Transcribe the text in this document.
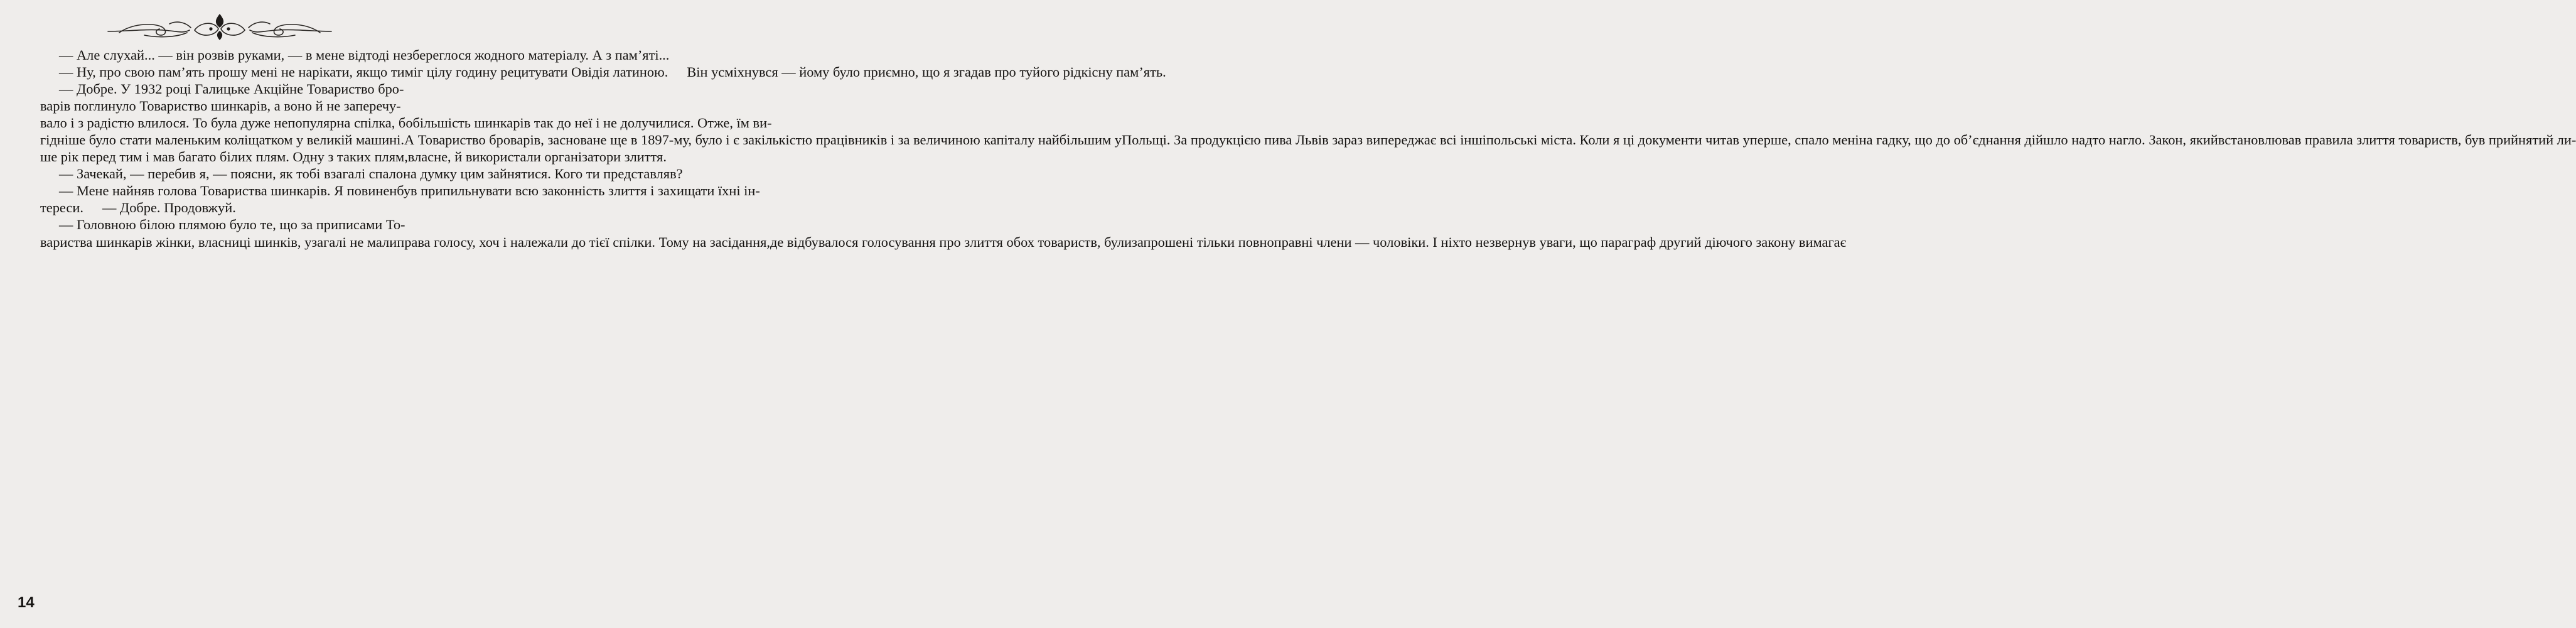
— Але слухай... — він розвів руками, — в мене відтоді незбереглося жодного матеріалу. А з пам’яті...— Ну, про свою пам’ять прошу мені не нарікати, якщо тиміг цілу годину рецитувати Овідія латиною. Він усміхнувся — йому було приємно, що я згадав про туйого рідкісну пам’ять.— Добре. У 1932 році Галицьке Акційне Товариство бро-варів поглинуло Товариство шинкарів, а воно й не заперечу-вало і з радістю влилося. То була дуже непопулярна спілка, бобільшість шинкарів так до неї і не долучилися. Отже, їм ви-гідніше було стати маленьким коліщатком у великій машині.А Товариство броварів, засноване ще в 1897-му, було і є закількістю працівників і за величиною капіталу найбільшим уПольщі. За продукцією пива Львів зараз випереджає всі іншіпольські міста. Коли я ці документи читав уперше, спало меніна гадку, що до об’єднання дійшло надто нагло. Закон, якийвстановлював правила злиття товариств, був прийнятий ли-ше рік перед тим і мав багато білих плям. Одну з таких плям,власне, й використали організатори злиття.— Зачекай, — перебив я, — поясни, як тобі взагалі спалона думку цим зайнятися. Кого ти представляв?— Мене найняв голова Товариства шинкарів. Я повиненбув припильнувати всю законність злиття і захищати їхні ін-тереси. — Добре. Продовжуй.— Головною білою плямою було те, що за приписами То-вариства шинкарів жінки, власниці шинків, узагалі не малиправа голосу, хоч і належали до тієї спілки. Тому на засідання,де відбувалося голосування про злиття обох товариств, булизапрошені тільки повноправні члени — чоловіки. І ніхто незвернув уваги, що параграф другий діючого закону вимагає
14
